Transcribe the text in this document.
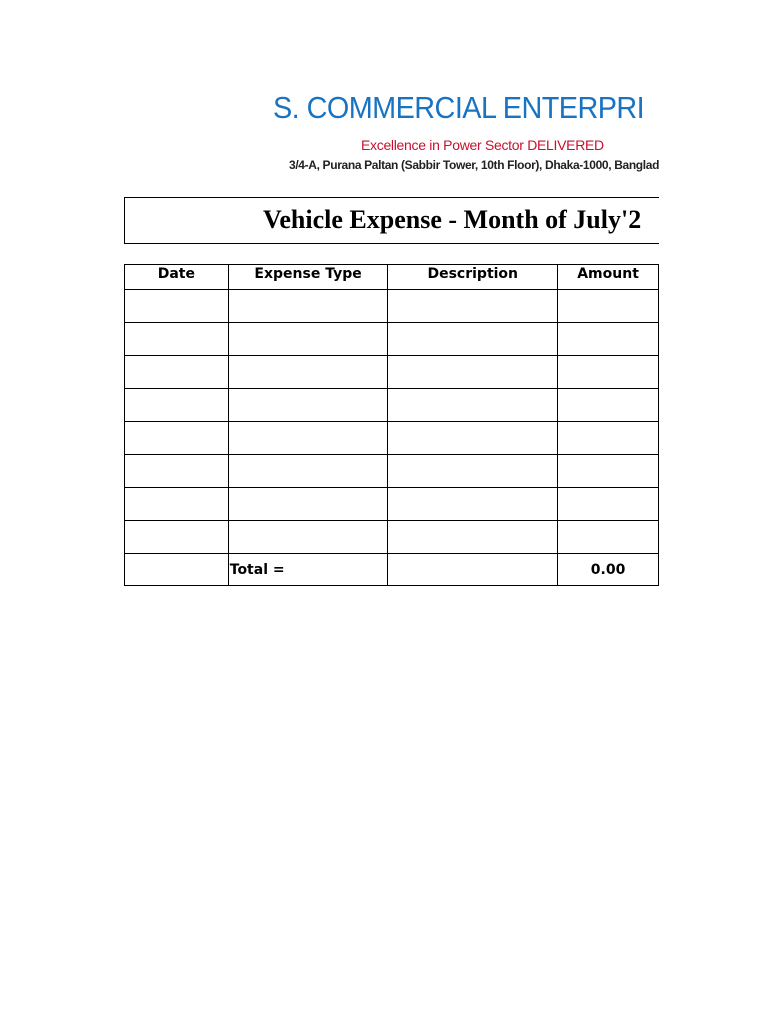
S. COMMERCIAL ENTERPRI
Excellence in Power Sector DELIVERED
3/4-A, Purana Paltan (Sabbir Tower, 10th Floor), Dhaka-1000, Banglad
Vehicle Expense - Month of July'2
Date	Expense Type	Description	Amount

	Total =		0.00
